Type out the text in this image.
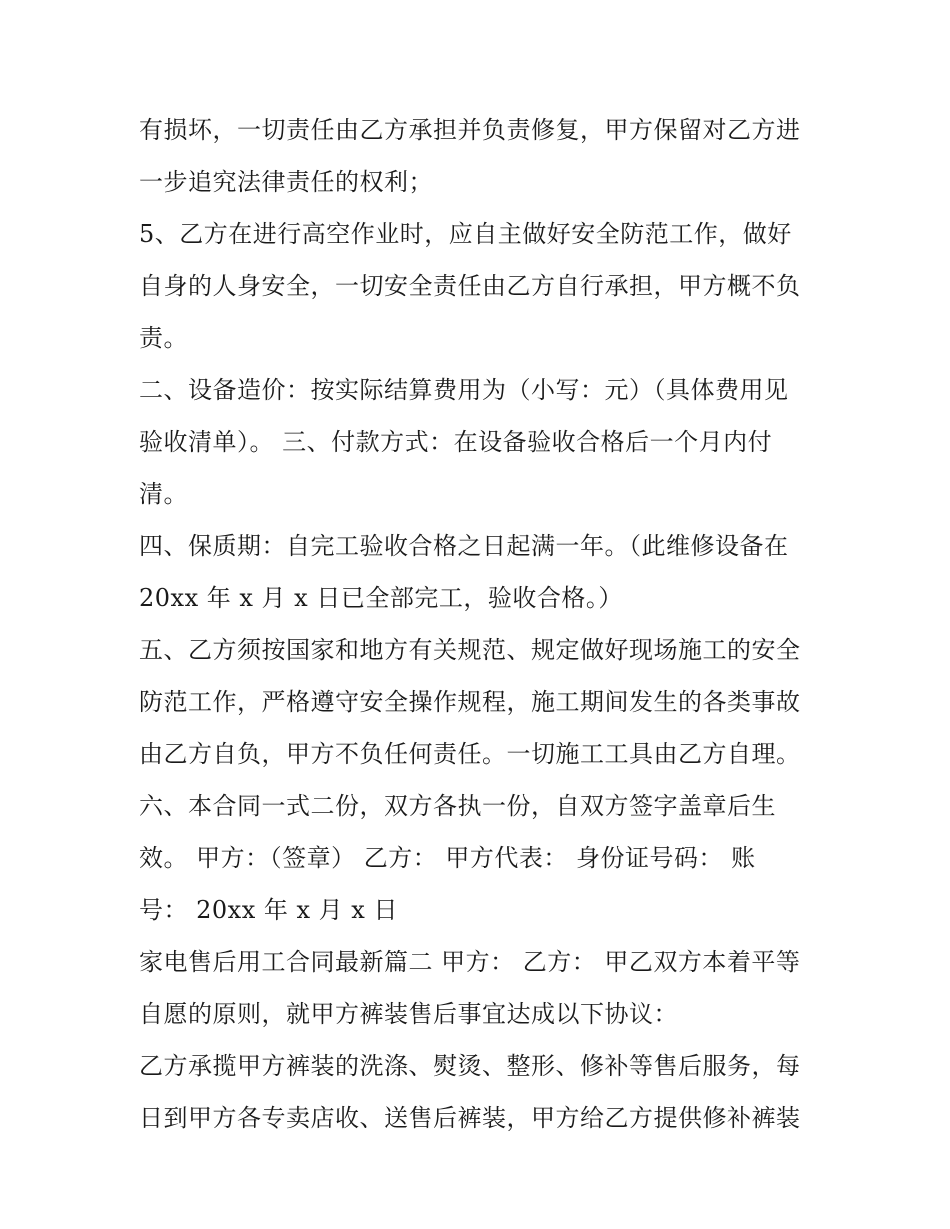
有损坏，一切责任由乙方承担并负责修复，甲方保留对乙方进
一步追究法律责任的权利；
5、乙方在进行高空作业时，应自主做好安全防范工作，做好
自身的人身安全，一切安全责任由乙方自行承担，甲方概不负
责。
二、设备造价：按实际结算费用为（小写：元）（具体费用见
验收清单）。 三、付款方式：在设备验收合格后一个月内付
清。
四、保质期：自完工验收合格之日起满一年。（此维修设备在
20xx 年 x 月 x 日已全部完工，验收合格。）
五、乙方须按国家和地方有关规范、规定做好现场施工的安全
防范工作，严格遵守安全操作规程，施工期间发生的各类事故
由乙方自负，甲方不负任何责任。一切施工工具由乙方自理。
六、本合同一式二份，双方各执一份，自双方签字盖章后生
效。 甲方：（签章） 乙方： 甲方代表： 身份证号码： 账
号： 20xx 年 x 月 x 日
家电售后用工合同最新篇二 甲方： 乙方： 甲乙双方本着平等
自愿的原则，就甲方裤装售后事宜达成以下协议：
乙方承揽甲方裤装的洗涤、熨烫、整形、修补等售后服务，每
日到甲方各专卖店收、送售后裤装，甲方给乙方提供修补裤装
